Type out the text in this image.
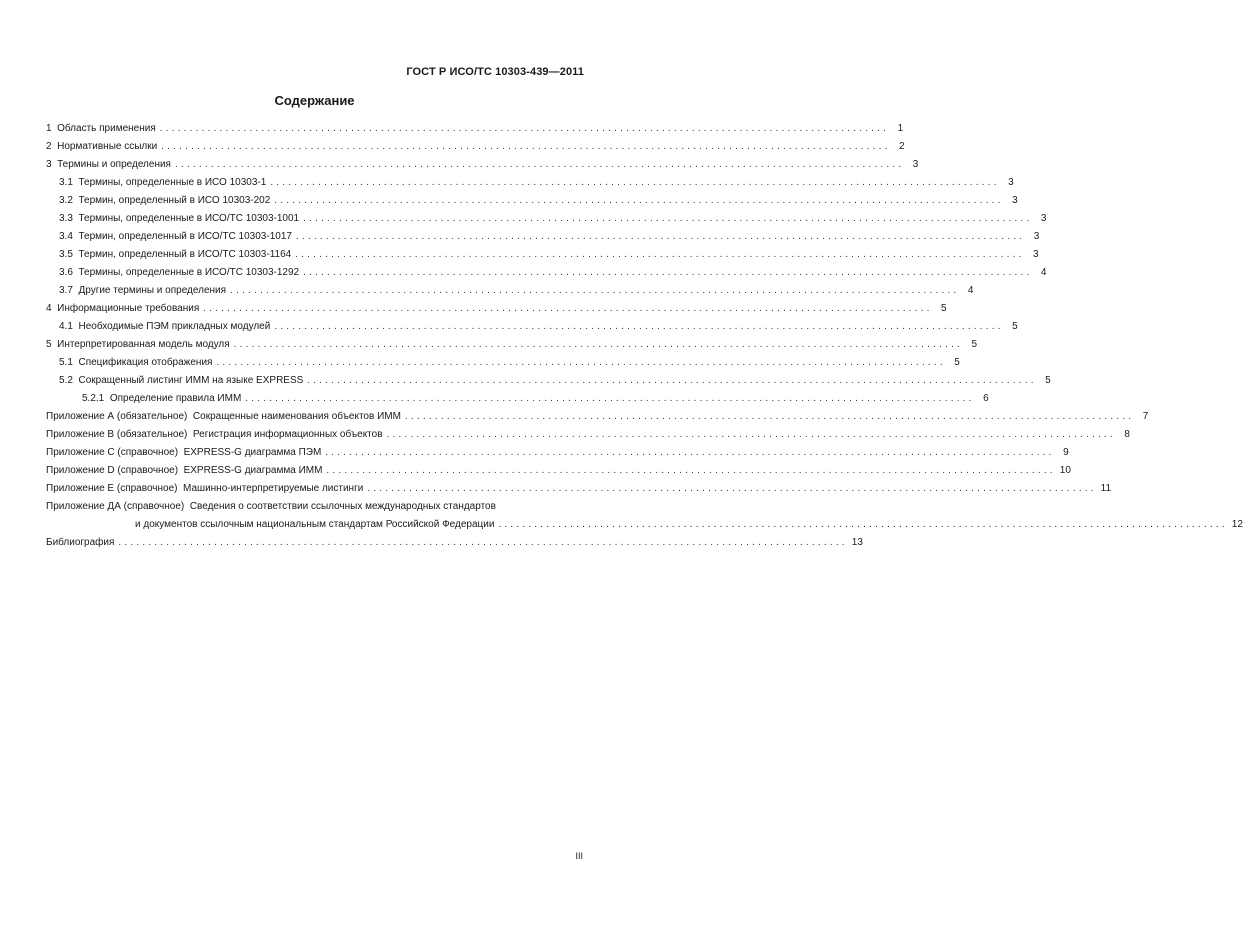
ГОСТ Р ИСО/ТС 10303-439—2011
Содержание
1 Область применения .......................................................................................................................... 1
2 Нормативные ссылки .......................................................................................................................... 2
3 Термины и определения .......................................................................................................................... 3
3.1 Термины, определенные в ИСО 10303-1 .......................................................................................................................... 3
3.2 Термин, определенный в ИСО 10303-202 .......................................................................................................................... 3
3.3 Термины, определенные в ИСО/ТС 10303-1001 .......................................................................................................................... 3
3.4 Термин, определенный в ИСО/ТС 10303-1017 .......................................................................................................................... 3
3.5 Термин, определенный в ИСО/ТС 10303-1164 .......................................................................................................................... 3
3.6 Термины, определенные в ИСО/ТС 10303-1292 .......................................................................................................................... 4
3.7 Другие термины и определения .......................................................................................................................... 4
4 Информационные требования .......................................................................................................................... 5
4.1 Необходимые ПЭМ прикладных модулей .......................................................................................................................... 5
5 Интерпретированная модель модуля .......................................................................................................................... 5
5.1 Спецификация отображения .......................................................................................................................... 5
5.2 Сокращенный листинг ИММ на языке EXPRESS .......................................................................................................................... 5
5.2.1 Определение правила ИММ .......................................................................................................................... 6
Приложение А (обязательное) Сокращенные наименования объектов ИММ .......................................................................................................................... 7
Приложение В (обязательное) Регистрация информационных объектов .......................................................................................................................... 8
Приложение С (справочное) EXPRESS-G диаграмма ПЭМ .......................................................................................................................... 9
Приложение D (справочное) EXPRESS-G диаграмма ИММ .......................................................................................................................... 10
Приложение Е (справочное) Машинно-интерпретируемые листинги .......................................................................................................................... 11
Приложение ДА (справочное) Сведения о соответствии ссылочных международных стандартов
и документов ссылочным национальным стандартам Российской Федерации .......................................................................................................................... 12
Библиография .......................................................................................................................... 13
III
